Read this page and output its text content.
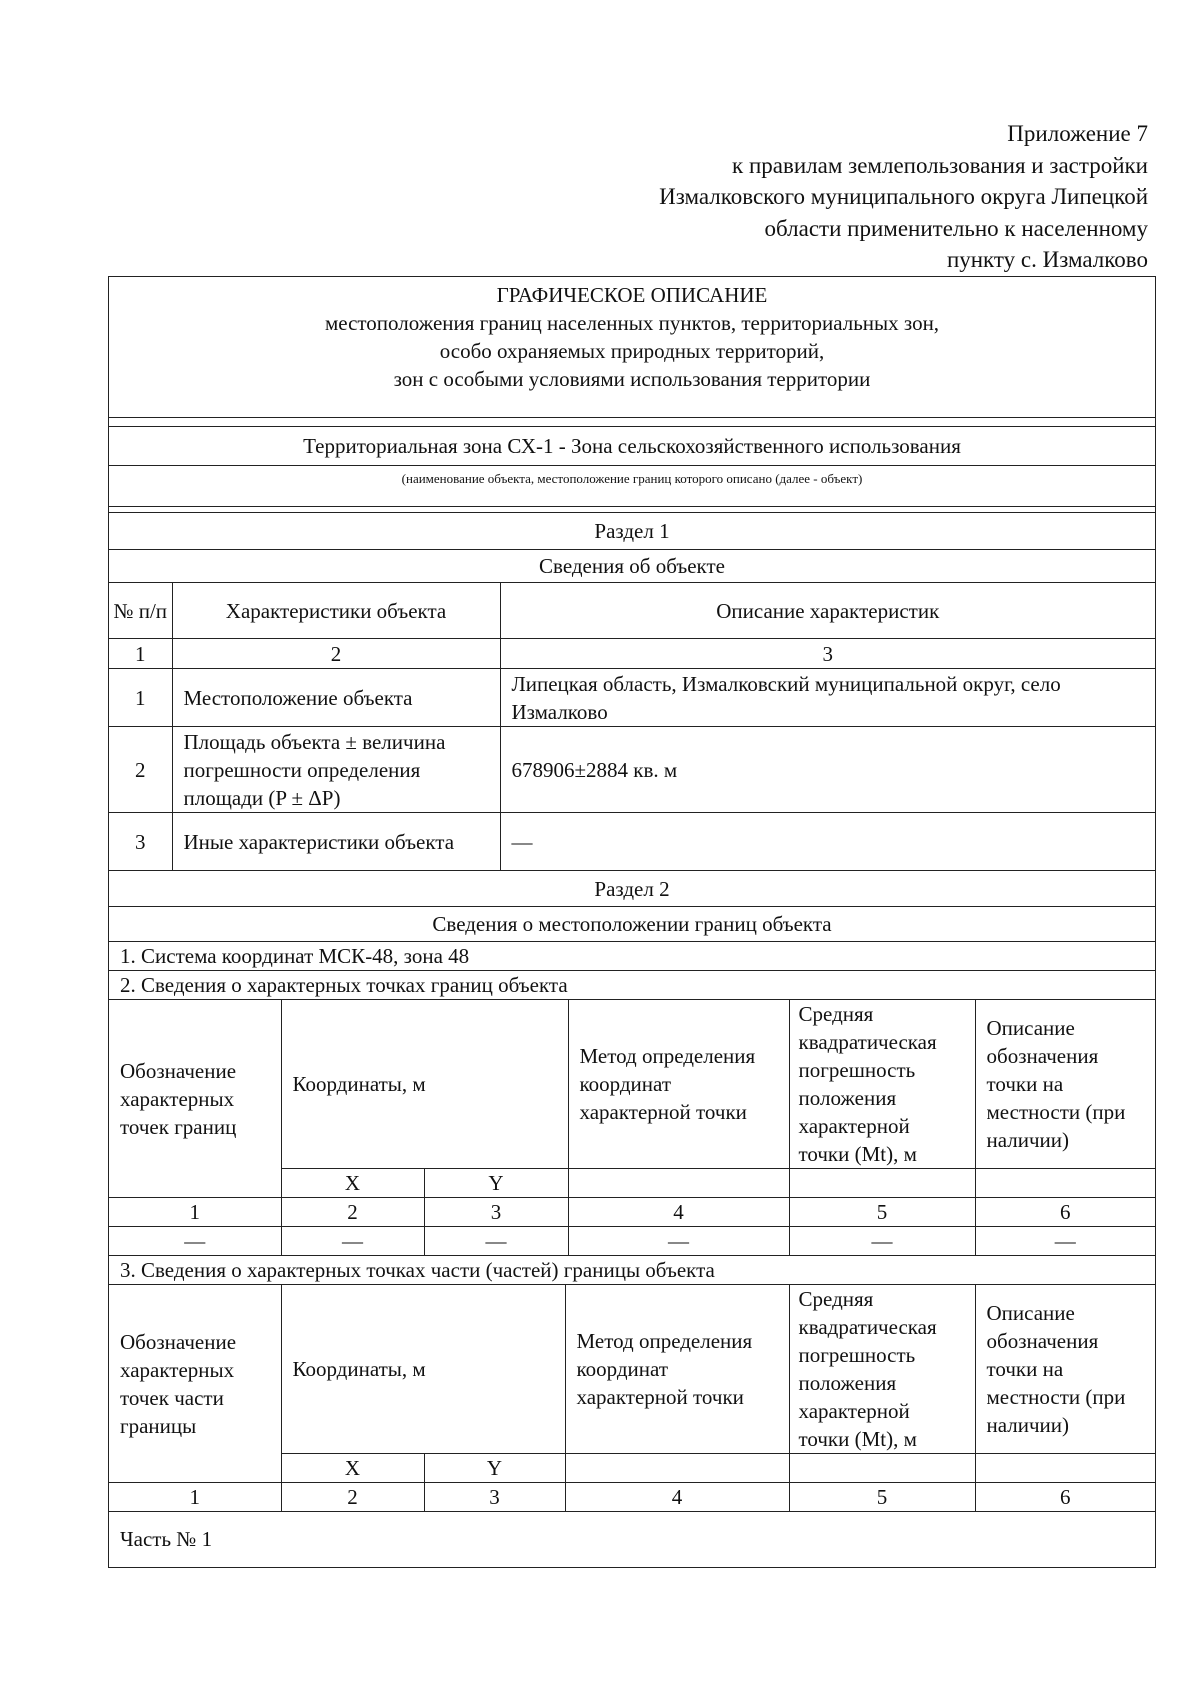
Приложение 7
к правилам землепользования и застройки
Измалковского муниципального округа Липецкой
области применительно к населенному
пункту с. Измалково
ГРАФИЧЕСКОЕ ОПИСАНИЕ
местоположения границ населенных пунктов, территориальных зон,
особо охраняемых природных территорий,
зон с особыми условиями использования территории

Территориальная зона СХ-1 - Зона сельскохозяйственного использования
(наименование объекта, местоположение границ которого описано (далее - объект)

Раздел 1
Сведения об объекте
№ п/п	Характеристики объекта	Описание характеристик
1	2	3
1	Местоположение объекта	Липецкая область, Измалковский муниципальной округ, село Измалково
2	Площадь объекта ± величина погрешности определения площади (P ± ΔP)	678906±2884 кв. м
3	Иные характеристики объекта	—
Раздел 2
Сведения о местоположении границ объекта
1. Система координат МСК-48, зона 48
2. Сведения о характерных точках границ объекта
Обозначение характерных точек границ	Координаты, м		Метод определения координат характерной точки	Средняя квадратическая погрешность положения характерной точки (Mt), м	Описание обозначения точки на местности (при наличии)
	X	Y			
1	2	3	4	5	6
—	—	—	—	—	—
3. Сведения о характерных точках части (частей) границы объекта					
Обозначение характерных точек части границы	Координаты, м		Метод определения координат характерной точки	Средняя квадратическая погрешность положения характерной точки (Mt), м	Описание обозначения точки на местности (при наличии)
	X	Y			
1	2	3	4	5	6
Часть № 1					
